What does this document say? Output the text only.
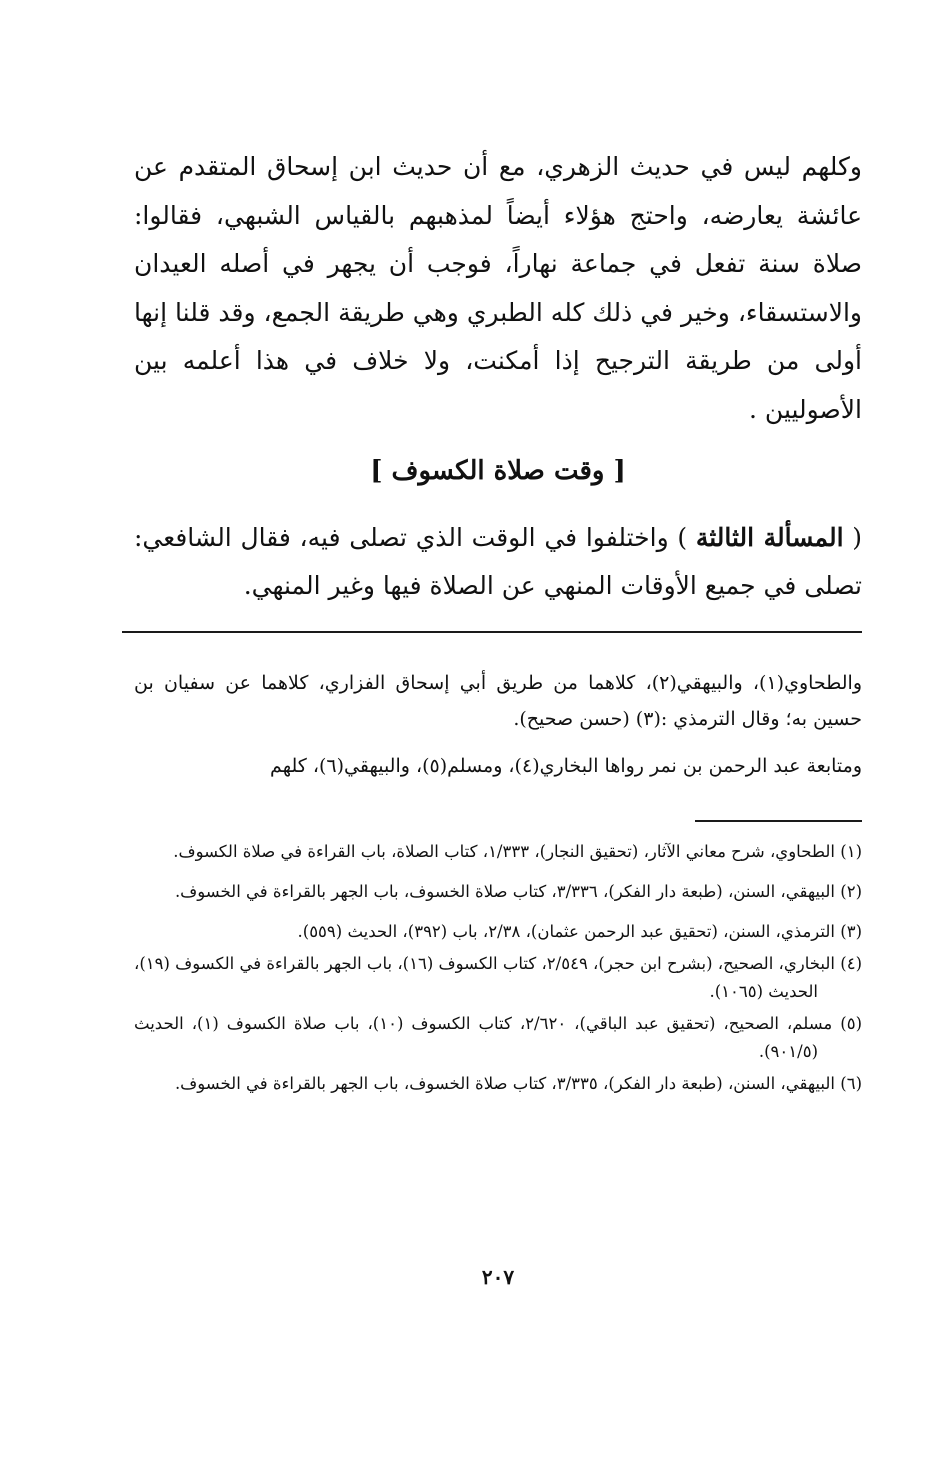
وكلهم ليس في حديث الزهري، مع أن حديث ابن إسحاق المتقدم عن عائشة يعارضه، واحتج هؤلاء أيضاً لمذهبهم بالقياس الشبهي، فقالوا: صلاة سنة تفعل في جماعة نهاراً، فوجب أن يجهر في أصله العيدان والاستسقاء، وخير في ذلك كله الطبري وهي طريقة الجمع، وقد قلنا إنها أولى من طريقة الترجيح إذا أمكنت، ولا خلاف في هذا أعلمه بين الأصوليين .

[ وقت صلاة الكسوف ]

( المسألة الثالثة ) واختلفوا في الوقت الذي تصلى فيه، فقال الشافعي: تصلى في جميع الأوقات المنهي عن الصلاة فيها وغير المنهي.

والطحاوي(١)، والبيهقي(٢)، كلاهما من طريق أبي إسحاق الفزاري، كلاهما عن سفيان بن حسين به؛ وقال الترمذي :(٣) (حسن صحيح).

ومتابعة عبد الرحمن بن نمر رواها البخاري(٤)، ومسلم(٥)، والبيهقي(٦)، كلهم

(١) الطحاوي، شرح معاني الآثار، (تحقيق النجار)، ١/٣٣٣، كتاب الصلاة، باب القراءة في صلاة الكسوف.
(٢) البيهقي، السنن، (طبعة دار الفكر)، ٣/٣٣٦، كتاب صلاة الخسوف، باب الجهر بالقراءة في الخسوف.
(٣) الترمذي، السنن، (تحقيق عبد الرحمن عثمان)، ٢/٣٨، باب (٣٩٢)، الحديث (٥٥٩).
(٤) البخاري، الصحيح، (بشرح ابن حجر)، ٢/٥٤٩، كتاب الكسوف (١٦)، باب الجهر بالقراءة في الكسوف (١٩)، الحديث (١٠٦٥).
(٥) مسلم، الصحيح، (تحقيق عبد الباقي)، ٢/٦٢٠، كتاب الكسوف (١٠)، باب صلاة الكسوف (١)، الحديث (٩٠١/٥).
(٦) البيهقي، السنن، (طبعة دار الفكر)، ٣/٣٣٥، كتاب صلاة الخسوف، باب الجهر بالقراءة في الخسوف.
٢٠٧
